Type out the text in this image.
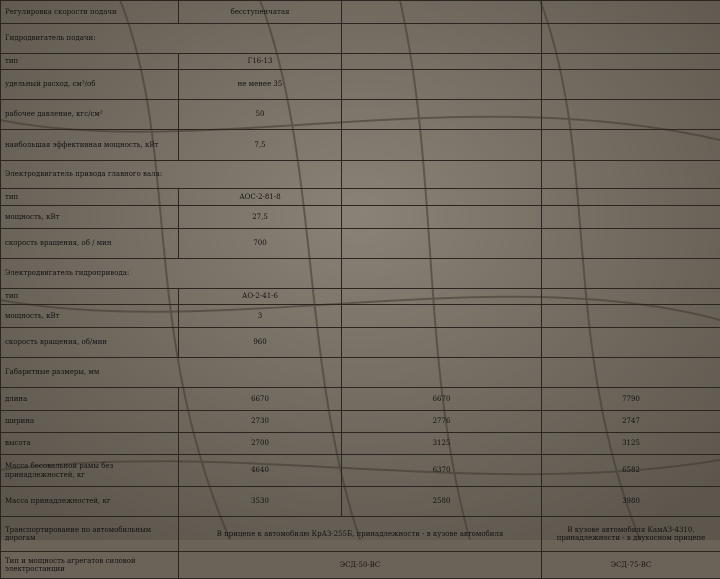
Регулировка скорости подачи	бесступенчатая		
Гидродвигатель подачи:			
тип	Г16-13		
удельный расход, см³/об	не менее 35		
рабочее давление, кгс/см²	50		
наибольшая эффективная мощность, кВт	7,5		
Электродвигатель привода главного вала:			
тип	АОС-2-81-8		
мощность, кВт	27,5		
скорость вращения, об / мин	700		
Электродвигатель гидропривода:			
тип	АО-2-41-6		
мощность, кВт	3		
скорость вращения, об/мин	960		
Габаритные размеры, мм			
длина	6670	6670	7790
ширина	2730	2776	2747
высота	2700	3125	3125
Масса бесовальной рамы без принадлежностей, кг	4640	6370	6582
Масса принадлежностей, кг	3530	2580	3980
Транспортирование по автомобильным дорогам	В прицепе к автомобилю КрАЗ-255Б, принадлежности - в кузове автомобиля		В кузове автомобиля КамАЗ-4310, принадлежности - в двухосном прицепе
Тип и мощность агрегатов силовой электростанции	ЭСД-50-ВС		ЭСД-75-ВС
